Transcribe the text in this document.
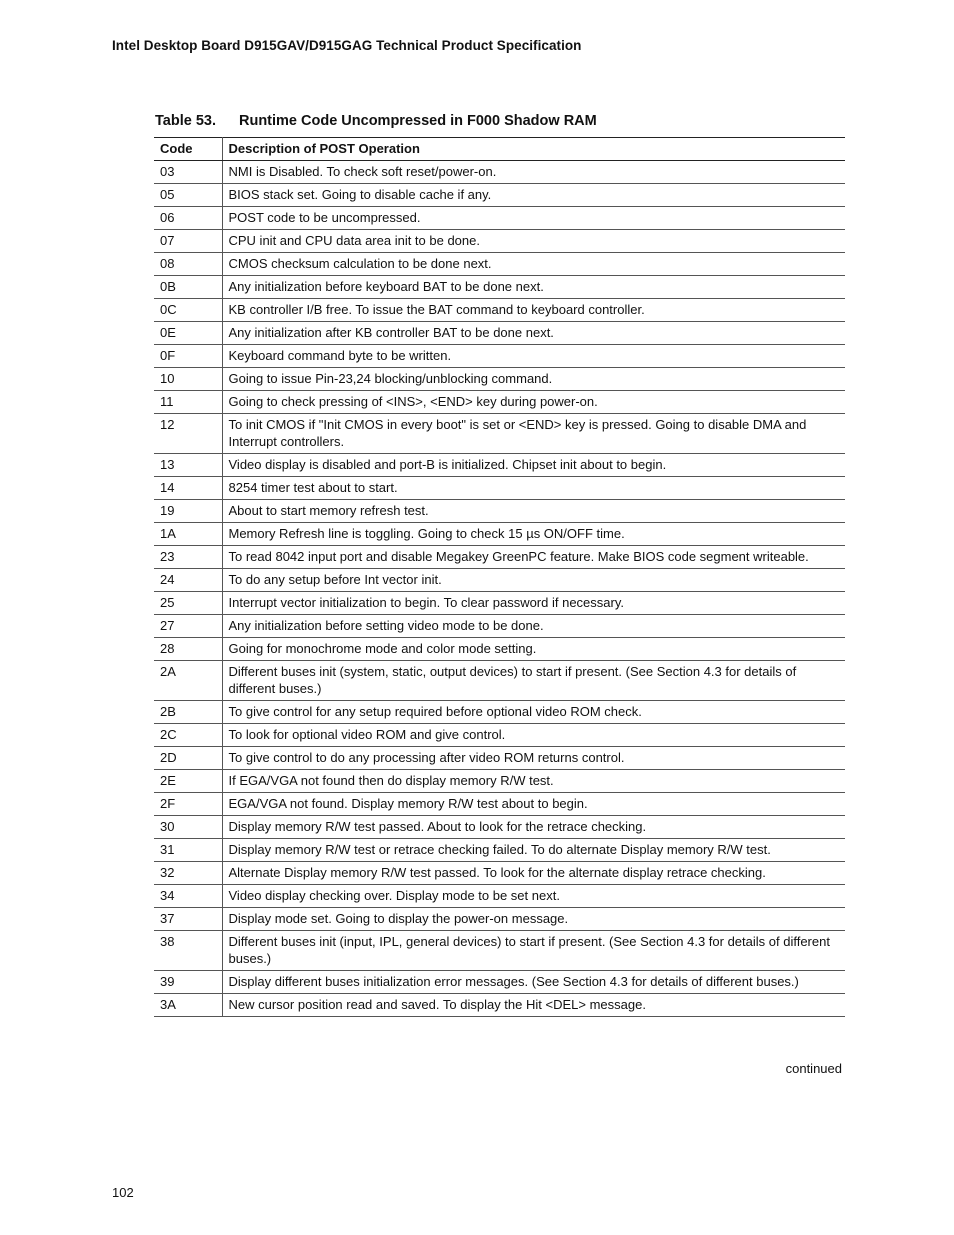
Intel Desktop Board D915GAV/D915GAG Technical Product Specification
Table 53. Runtime Code Uncompressed in F000 Shadow RAM
Code	Description of POST Operation
03	NMI is Disabled. To check soft reset/power-on.
05	BIOS stack set. Going to disable cache if any.
06	POST code to be uncompressed.
07	CPU init and CPU data area init to be done.
08	CMOS checksum calculation to be done next.
0B	Any initialization before keyboard BAT to be done next.
0C	KB controller I/B free. To issue the BAT command to keyboard controller.
0E	Any initialization after KB controller BAT to be done next.
0F	Keyboard command byte to be written.
10	Going to issue Pin-23,24 blocking/unblocking command.
11	Going to check pressing of <INS>, <END> key during power-on.
12	To init CMOS if "Init CMOS in every boot" is set or <END> key is pressed. Going to disable DMA and Interrupt controllers.
13	Video display is disabled and port-B is initialized. Chipset init about to begin.
14	8254 timer test about to start.
19	About to start memory refresh test.
1A	Memory Refresh line is toggling. Going to check 15 µs ON/OFF time.
23	To read 8042 input port and disable Megakey GreenPC feature. Make BIOS code segment writeable.
24	To do any setup before Int vector init.
25	Interrupt vector initialization to begin. To clear password if necessary.
27	Any initialization before setting video mode to be done.
28	Going for monochrome mode and color mode setting.
2A	Different buses init (system, static, output devices) to start if present. (See Section 4.3 for details of different buses.)
2B	To give control for any setup required before optional video ROM check.
2C	To look for optional video ROM and give control.
2D	To give control to do any processing after video ROM returns control.
2E	If EGA/VGA not found then do display memory R/W test.
2F	EGA/VGA not found. Display memory R/W test about to begin.
30	Display memory R/W test passed. About to look for the retrace checking.
31	Display memory R/W test or retrace checking failed. To do alternate Display memory R/W test.
32	Alternate Display memory R/W test passed. To look for the alternate display retrace checking.
34	Video display checking over. Display mode to be set next.
37	Display mode set. Going to display the power-on message.
38	Different buses init (input, IPL, general devices) to start if present. (See Section 4.3 for details of different buses.)
39	Display different buses initialization error messages. (See Section 4.3 for details of different buses.)
3A	New cursor position read and saved. To display the Hit <DEL> message.
continued
102
